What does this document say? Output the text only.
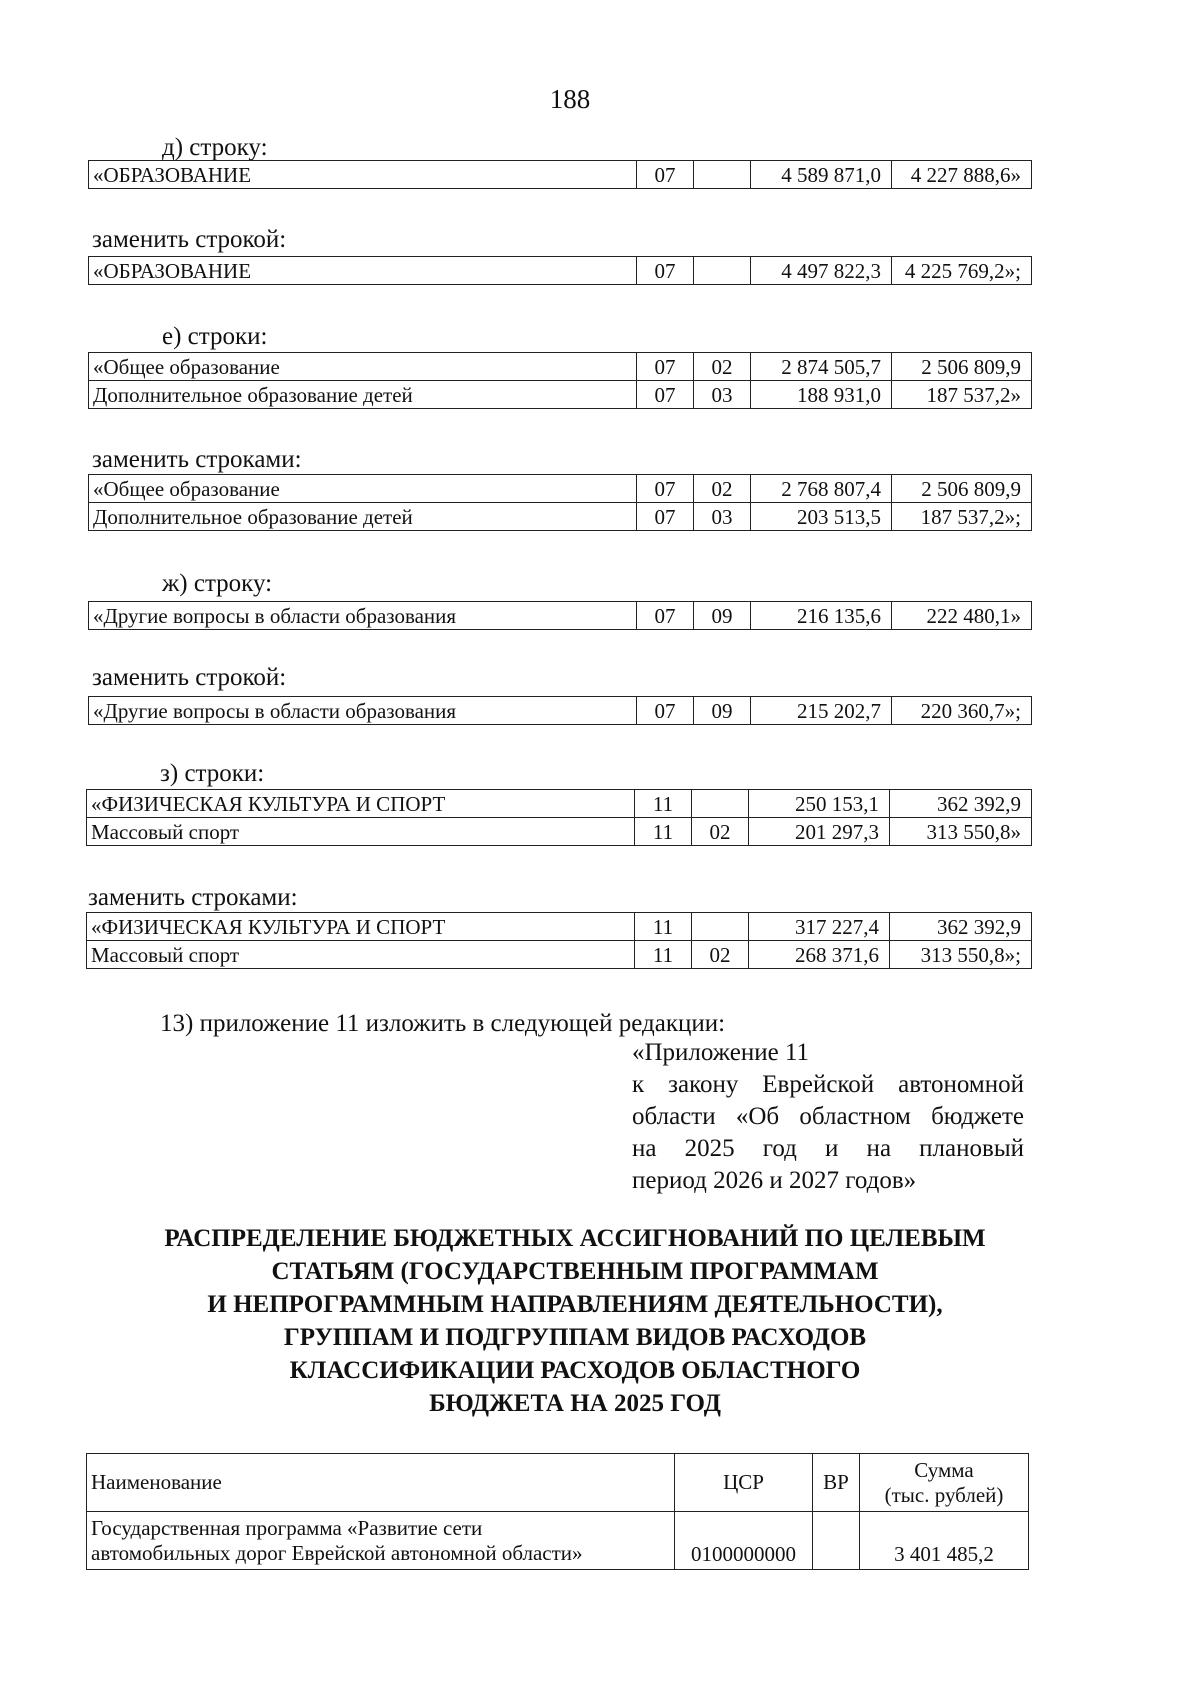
188
д) строку:
«ОБРАЗОВАНИЕ	07		4 589 871,0	4 227 888,6»
заменить строкой:
«ОБРАЗОВАНИЕ	07		4 497 822,3	4 225 769,2»;
е) строки:
«Общее образование	07	02	2 874 505,7	2 506 809,9
Дополнительное образование детей	07	03	188 931,0	187 537,2»
заменить строками:
«Общее образование	07	02	2 768 807,4	2 506 809,9
Дополнительное образование детей	07	03	203 513,5	187 537,2»;
ж) строку:
«Другие вопросы в области образования	07	09	216 135,6	222 480,1»
заменить строкой:
«Другие вопросы в области образования	07	09	215 202,7	220 360,7»;
з) строки:
«ФИЗИЧЕСКАЯ КУЛЬТУРА И СПОРТ	11		250 153,1	362 392,9
Массовый спорт	11	02	201 297,3	313 550,8»
заменить строками:
«ФИЗИЧЕСКАЯ КУЛЬТУРА И СПОРТ	11		317 227,4	362 392,9
Массовый спорт	11	02	268 371,6	313 550,8»;
13) приложение 11 изложить в следующей редакции:
«Приложение 11
к закону Еврейской автономной
области «Об областном бюджете
на 2025 год и на плановый
период 2026 и 2027 годов»
РАСПРЕДЕЛЕНИЕ БЮДЖЕТНЫХ АССИГНОВАНИЙ ПО ЦЕЛЕВЫМ
СТАТЬЯМ (ГОСУДАРСТВЕННЫМ ПРОГРАММАМ
И НЕПРОГРАММНЫМ НАПРАВЛЕНИЯМ ДЕЯТЕЛЬНОСТИ),
ГРУППАМ И ПОДГРУППАМ ВИДОВ РАСХОДОВ
КЛАССИФИКАЦИИ РАСХОДОВ ОБЛАСТНОГО
БЮДЖЕТА НА 2025 ГОД
Наименование	ЦСР	ВР	Сумма
(тыс. рублей)

Государственная программа «Развитие сети
автомобильных дорог Еврейской автономной области»	0100000000		3 401 485,2
